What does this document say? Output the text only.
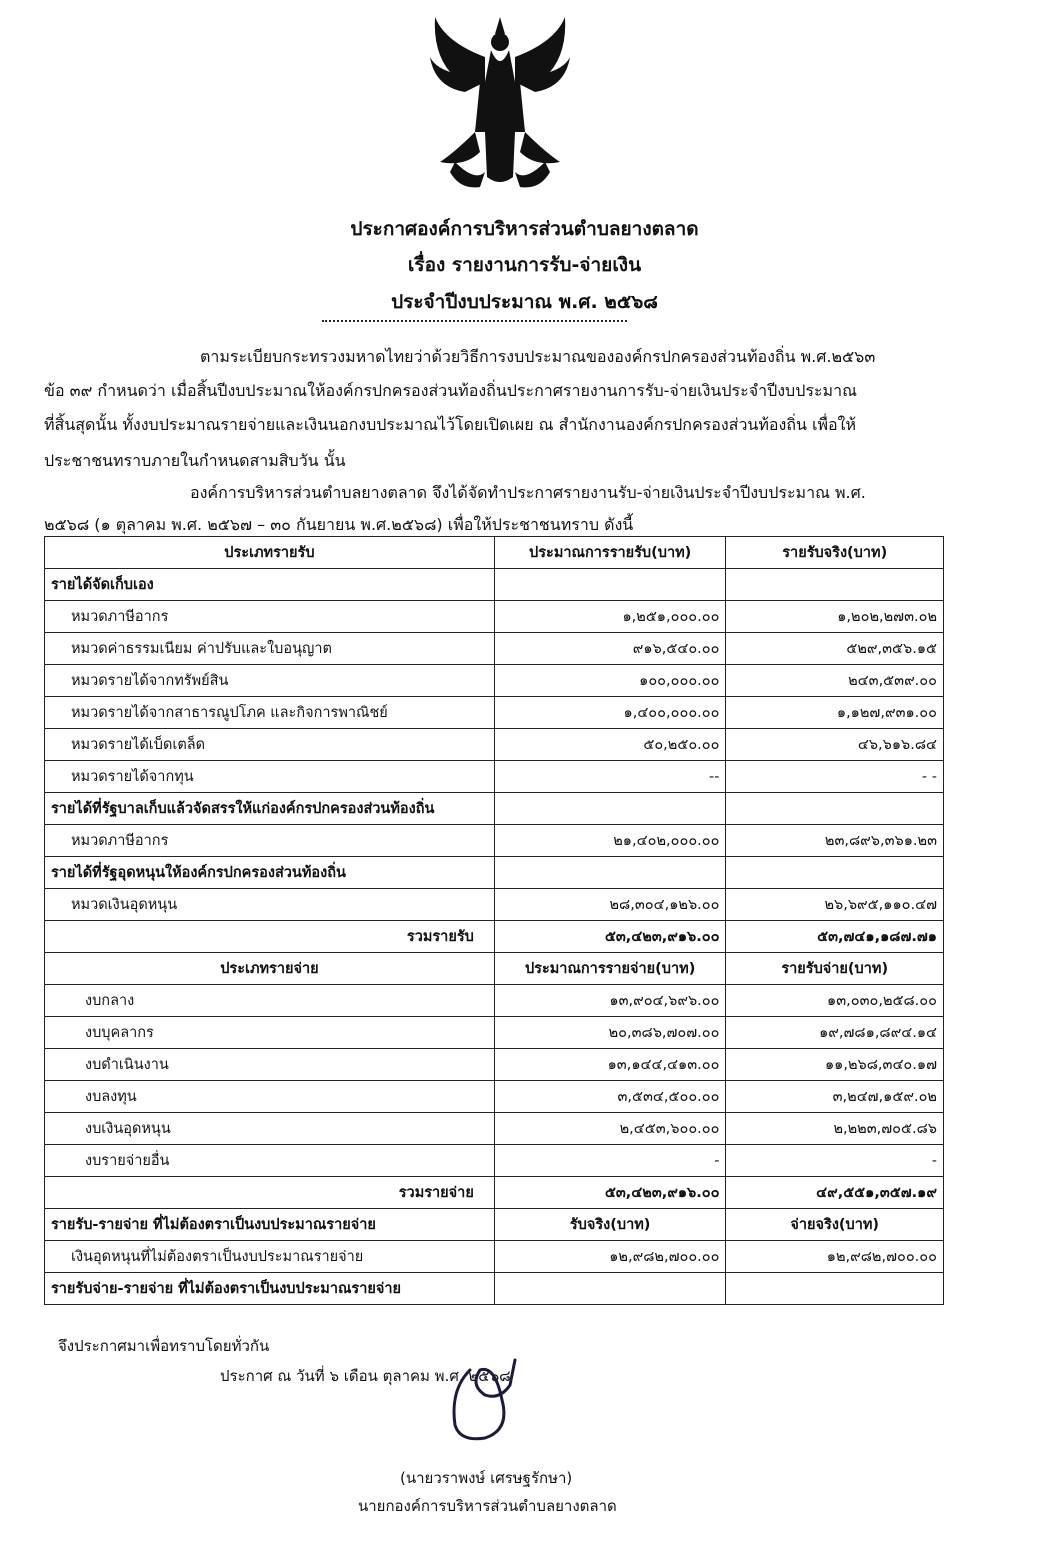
ประกาศองค์การบริหารส่วนตำบลยางตลาด
เรื่อง รายงานการรับ-จ่ายเงิน
ประจำปีงบประมาณ พ.ศ. ๒๕๖๘
ตามระเบียบกระทรวงมหาดไทยว่าด้วยวิธีการงบประมาณขององค์กรปกครองส่วนท้องถิ่น พ.ศ.๒๕๖๓
ข้อ ๓๙ กำหนดว่า เมื่อสิ้นปีงบประมาณให้องค์กรปกครองส่วนท้องถิ่นประกาศรายงานการรับ-จ่ายเงินประจำปีงบประมาณ
ที่สิ้นสุดนั้น ทั้งงบประมาณรายจ่ายและเงินนอกงบประมาณไว้โดยเปิดเผย ณ สำนักงานองค์กรปกครองส่วนท้องถิ่น เพื่อให้
ประชาชนทราบภายในกำหนดสามสิบวัน นั้น
องค์การบริหารส่วนตำบลยางตลาด จึงได้จัดทำประกาศรายงานรับ-จ่ายเงินประจำปีงบประมาณ พ.ศ.
๒๕๖๘ (๑ ตุลาคม พ.ศ. ๒๕๖๗ – ๓๐ กันยายน พ.ศ.๒๕๖๘) เพื่อให้ประชาชนทราบ ดังนี้
ประเภทรายรับ	ประมาณการรายรับ(บาท)	รายรับจริง(บาท)
รายได้จัดเก็บเอง		
หมวดภาษีอากร	๑,๒๕๑,๐๐๐.๐๐	๑,๒๐๒,๒๗๓.๐๒
หมวดค่าธรรมเนียม ค่าปรับและใบอนุญาต	๙๑๖,๕๔๐.๐๐	๕๒๙,๓๕๖.๑๕
หมวดรายได้จากทรัพย์สิน	๑๐๐,๐๐๐.๐๐	๒๔๓,๕๓๙.๐๐
หมวดรายได้จากสาธารณูปโภค และกิจการพาณิชย์	๑,๔๐๐,๐๐๐.๐๐	๑,๑๒๗,๙๓๑.๐๐
หมวดรายได้เบ็ดเตล็ด	๕๐,๒๕๐.๐๐	๔๖,๖๑๖.๘๔
หมวดรายได้จากทุน	--	- -
รายได้ที่รัฐบาลเก็บแล้วจัดสรรให้แก่องค์กรปกครองส่วนท้องถิ่น		
หมวดภาษีอากร	๒๑,๔๐๒,๐๐๐.๐๐	๒๓,๘๙๖,๓๖๑.๒๓
รายได้ที่รัฐอุดหนุนให้องค์กรปกครองส่วนท้องถิ่น		
หมวดเงินอุดหนุน	๒๘,๓๐๔,๑๒๖.๐๐	๒๖,๖๙๕,๑๑๐.๔๗
รวมรายรับ	๕๓,๔๒๓,๙๑๖.๐๐	๕๓,๗๔๑,๑๘๗.๗๑
ประเภทรายจ่าย	ประมาณการรายจ่าย(บาท)	รายรับจ่าย(บาท)
งบกลาง	๑๓,๙๐๔,๖๙๖.๐๐	๑๓,๐๓๐,๒๕๘.๐๐
งบบุคลากร	๒๐,๓๘๖,๗๐๗.๐๐	๑๙,๗๘๑,๘๙๔.๑๔
งบดำเนินงาน	๑๓,๑๔๔,๔๑๓.๐๐	๑๑,๒๖๘,๓๔๐.๑๗
งบลงทุน	๓,๕๓๔,๕๐๐.๐๐	๓,๒๔๗,๑๕๙.๐๒
งบเงินอุดหนุน	๒,๔๕๓,๖๐๐.๐๐	๒,๒๒๓,๗๐๕.๘๖
งบรายจ่ายอื่น	-	-
รวมรายจ่าย	๕๓,๔๒๓,๙๑๖.๐๐	๔๙,๕๕๑,๓๕๗.๑๙
รายรับ-รายจ่าย ที่ไม่ต้องตราเป็นงบประมาณรายจ่าย	รับจริง(บาท)	จ่ายจริง(บาท)
เงินอุดหนุนที่ไม่ต้องตราเป็นงบประมาณรายจ่าย	๑๒,๙๘๒,๗๐๐.๐๐	๑๒,๙๘๒,๗๐๐.๐๐
รายรับจ่าย-รายจ่าย ที่ไม่ต้องตราเป็นงบประมาณรายจ่าย		
จึงประกาศมาเพื่อทราบโดยทั่วกัน
ประกาศ ณ วันที่ ๖ เดือน ตุลาคม พ.ศ. ๒๕๖๘
(นายวราพงษ์ เศรษฐรักษา)
นายกองค์การบริหารส่วนตำบลยางตลาด
